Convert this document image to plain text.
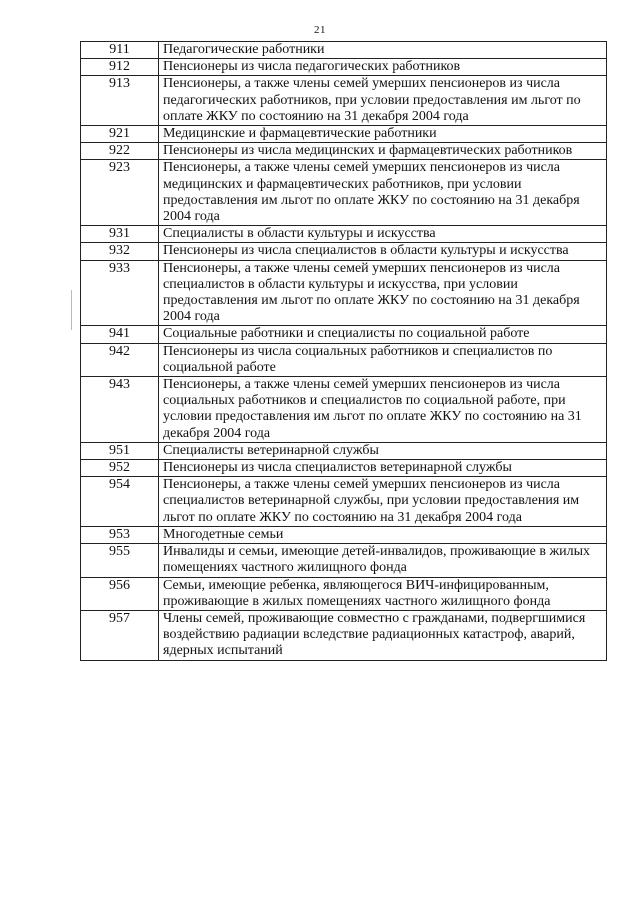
21
911	Педагогические работники
912	Пенсионеры из числа педагогических работников
913	Пенсионеры, а также члены семей умерших пенсионеров из числа педагогических работников, при условии предоставления им льгот по оплате ЖКУ по состоянию на 31 декабря 2004 года
921	Медицинские и фармацевтические работники
922	Пенсионеры из числа медицинских и фармацевтических работников
923	Пенсионеры, а также члены семей умерших пенсионеров из числа медицинских и фармацевтических работников, при условии предоставления им льгот по оплате ЖКУ по состоянию на 31 декабря 2004 года
931	Специалисты в области культуры и искусства
932	Пенсионеры из числа специалистов в области культуры и искусства
933	Пенсионеры, а также члены семей умерших пенсионеров из числа специалистов в области культуры и искусства, при условии предоставления им льгот по оплате ЖКУ по состоянию на 31 декабря 2004 года
941	Социальные работники и специалисты по социальной работе
942	Пенсионеры из числа социальных работников и специалистов по социальной работе
943	Пенсионеры, а также члены семей умерших пенсионеров из числа социальных работников и специалистов по социальной работе, при условии предоставления им льгот по оплате ЖКУ по состоянию на 31 декабря 2004 года
951	Специалисты ветеринарной службы
952	Пенсионеры из числа специалистов ветеринарной службы
954	Пенсионеры, а также члены семей умерших пенсионеров из числа специалистов ветеринарной службы, при условии предоставления им льгот по оплате ЖКУ по состоянию на 31 декабря 2004 года
953	Многодетные семьи
955	Инвалиды и семьи, имеющие детей-инвалидов, проживающие в жилых помещениях частного жилищного фонда
956	Семьи, имеющие ребенка, являющегося ВИЧ-инфицированным, проживающие в жилых помещениях частного жилищного фонда
957	Члены семей, проживающие совместно с гражданами, подвергшимися воздействию радиации вследствие радиационных катастроф, аварий, ядерных испытаний
